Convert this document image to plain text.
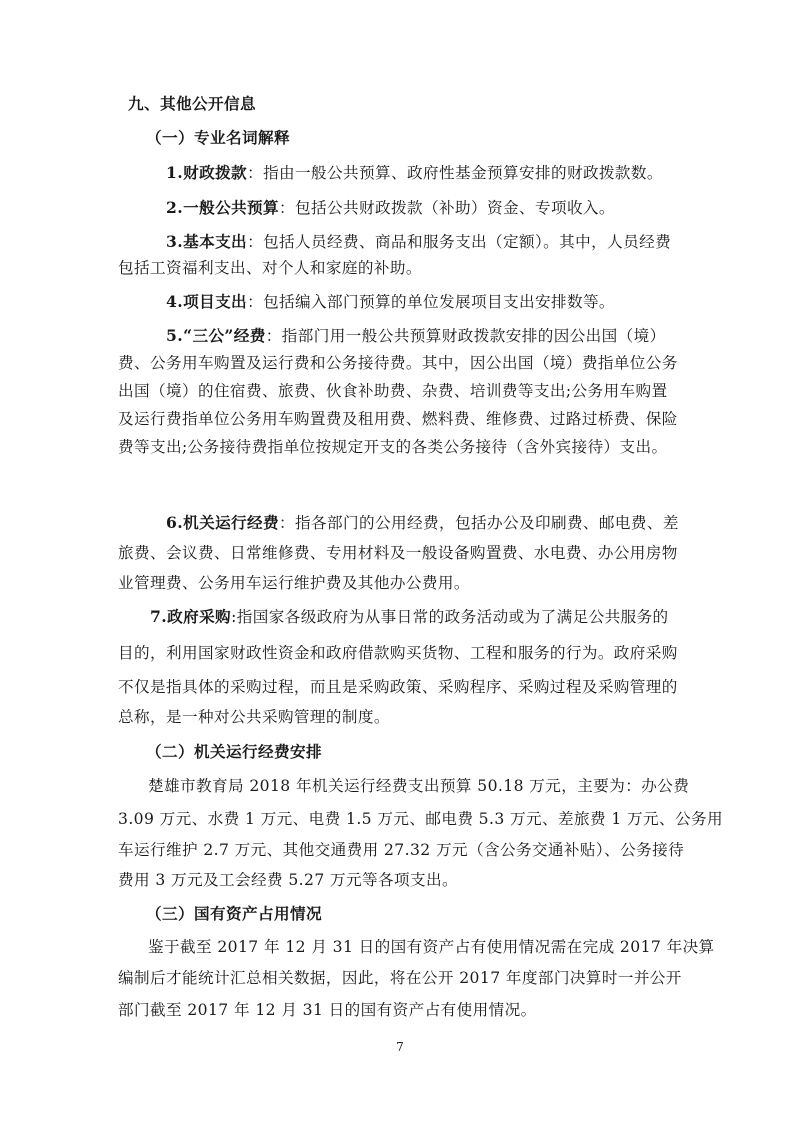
九、其他公开信息
（一）专业名词解释
1.财政拨款：指由一般公共预算、政府性基金预算安排的财政拨款数。
2.一般公共预算：包括公共财政拨款（补助）资金、专项收入。
3.基本支出：包括人员经费、商品和服务支出（定额）。其中，人员经费
包括工资福利支出、对个人和家庭的补助。
4.项目支出：包括编入部门预算的单位发展项目支出安排数等。
5.“三公”经费：指部门用一般公共预算财政拨款安排的因公出国（境）
费、公务用车购置及运行费和公务接待费。其中，因公出国（境）费指单位公务
出国（境）的住宿费、旅费、伙食补助费、杂费、培训费等支出;公务用车购置
及运行费指单位公务用车购置费及租用费、燃料费、维修费、过路过桥费、保险
费等支出;公务接待费指单位按规定开支的各类公务接待（含外宾接待）支出。
6.机关运行经费：指各部门的公用经费，包括办公及印刷费、邮电费、差
旅费、会议费、日常维修费、专用材料及一般设备购置费、水电费、办公用房物
业管理费、公务用车运行维护费及其他办公费用。
7.政府采购:指国家各级政府为从事日常的政务活动或为了满足公共服务的
目的，利用国家财政性资金和政府借款购买货物、工程和服务的行为。政府采购
不仅是指具体的采购过程，而且是采购政策、采购程序、采购过程及采购管理的
总称，是一种对公共采购管理的制度。
（二）机关运行经费安排
楚雄市教育局 2018 年机关运行经费支出预算 50.18 万元，主要为：办公费
3.09 万元、水费 1 万元、电费 1.5 万元、邮电费 5.3 万元、差旅费 1 万元、公务用
车运行维护 2.7 万元、其他交通费用 27.32 万元（含公务交通补贴）、公务接待
费用 3 万元及工会经费 5.27 万元等各项支出。
（三）国有资产占用情况
鉴于截至 2017 年 12 月 31 日的国有资产占有使用情况需在完成 2017 年决算
编制后才能统计汇总相关数据，因此，将在公开 2017 年度部门决算时一并公开
部门截至 2017 年 12 月 31 日的国有资产占有使用情况。
7
